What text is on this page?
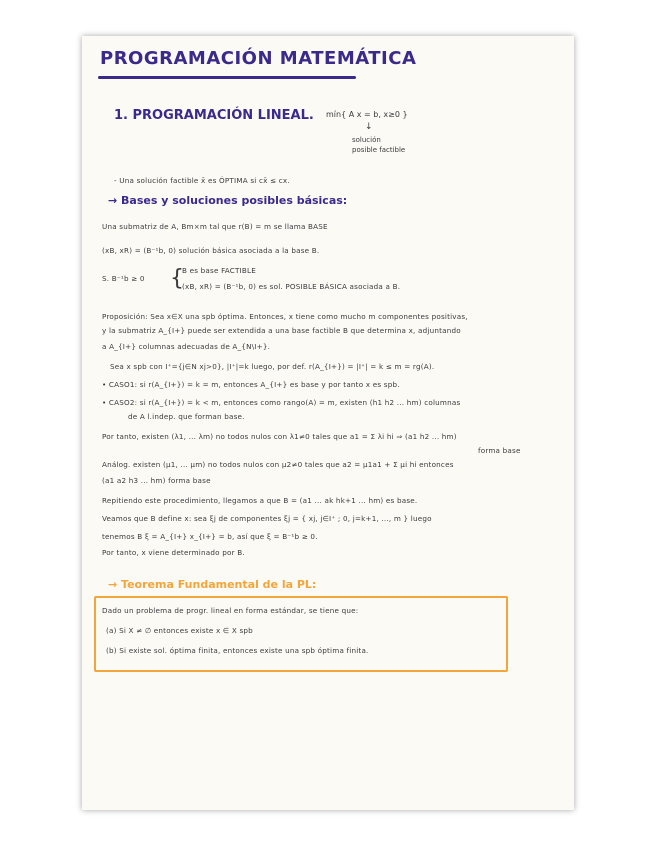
PROGRAMACIÓN MATEMÁTICA
1. PROGRAMACIÓN LINEAL. mín{ A x = b, x≥0 }
↓
solución
posible factible
- Una solución factible x̄ es ÓPTIMA si cx̄ ≤ cx.
→ Bases y soluciones posibles básicas:
Una submatriz de A, Bm×m tal que r(B) = m se llama BASE
(xB, xR) = (B⁻¹b, 0) solución básica asociada a la base B.
S. B⁻¹b ≥ 0 {
B es base FACTIBLE
(xB, xR) = (B⁻¹b, 0) es sol. POSIBLE BÁSICA asociada a B.
Proposición: Sea x∈X una spb óptima. Entonces, x tiene como mucho m componentes positivas,
y la submatriz A_{I+} puede ser extendida a una base factible B que determina x, adjuntando
a A_{I+} columnas adecuadas de A_{N\I+}.
Sea x spb con I⁺={j∈N xj>0}, |I⁺|=k luego, por def. r(A_{I+}) = |I⁺| = k ≤ m = rg(A).
• CASO1: si r(A_{I+}) = k = m, entonces A_{I+} es base y por tanto x es spb.
• CASO2: si r(A_{I+}) = k < m, entonces como rango(A) = m, existen (h1 h2 ... hm) columnas
de A l.indep. que forman base.
Por tanto, existen (λ1, ... λm) no todos nulos con λ1≠0 tales que a1 = Σ λi hi ⇒ (a1 h2 ... hm)
forma base
Análog. existen (μ1, ... μm) no todos nulos con μ2≠0 tales que a2 = μ1a1 + Σ μi hi entonces
(a1 a2 h3 ... hm) forma base
Repitiendo este procedimiento, llegamos a que B = (a1 ... ak hk+1 ... hm) es base.
Veamos que B define x: sea ξj de componentes ξj = { xj, j∈I⁺ ; 0, j=k+1, ..., m } luego
tenemos B ξ = A_{I+} x_{I+} = b, así que ξ = B⁻¹b ≥ 0.
Por tanto, x viene determinado por B.
→ Teorema Fundamental de la PL:
Dado un problema de progr. lineal en forma estándar, se tiene que:
(a) Si X ≠ ∅ entonces existe x ∈ X spb
(b) Si existe sol. óptima finita, entonces existe una spb óptima finita.
